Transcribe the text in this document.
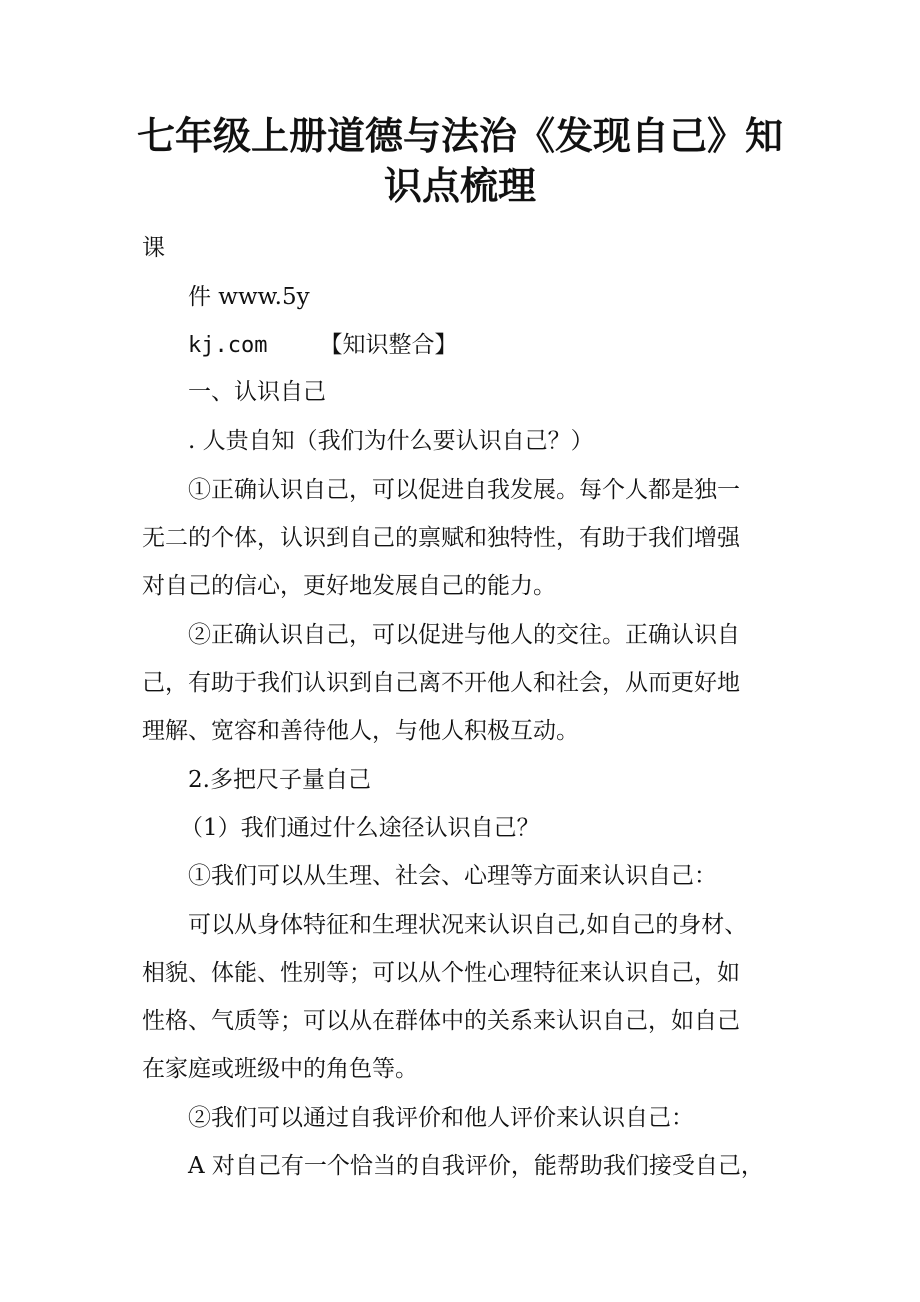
七年级上册道德与法治《发现自己》知
识点梳理

课

件 www.5y

kj.com 【知识整合】

一、认识自己

. 人贵自知（我们为什么要认识自己？）

①正确认识自己，可以促进自我发展。每个人都是独一

无二的个体，认识到自己的禀赋和独特性，有助于我们增强

对自己的信心，更好地发展自己的能力。

②正确认识自己，可以促进与他人的交往。正确认识自

己，有助于我们认识到自己离不开他人和社会，从而更好地

理解、宽容和善待他人，与他人积极互动。

2.多把尺子量自己

（1）我们通过什么途径认识自己？

①我们可以从生理、社会、心理等方面来认识自己：

可以从身体特征和生理状况来认识自己,如自己的身材、

相貌、体能、性别等；可以从个性心理特征来认识自己，如

性格、气质等；可以从在群体中的关系来认识自己，如自己

在家庭或班级中的角色等。

②我们可以通过自我评价和他人评价来认识自己：

A 对自己有一个恰当的自我评价，能帮助我们接受自己，
